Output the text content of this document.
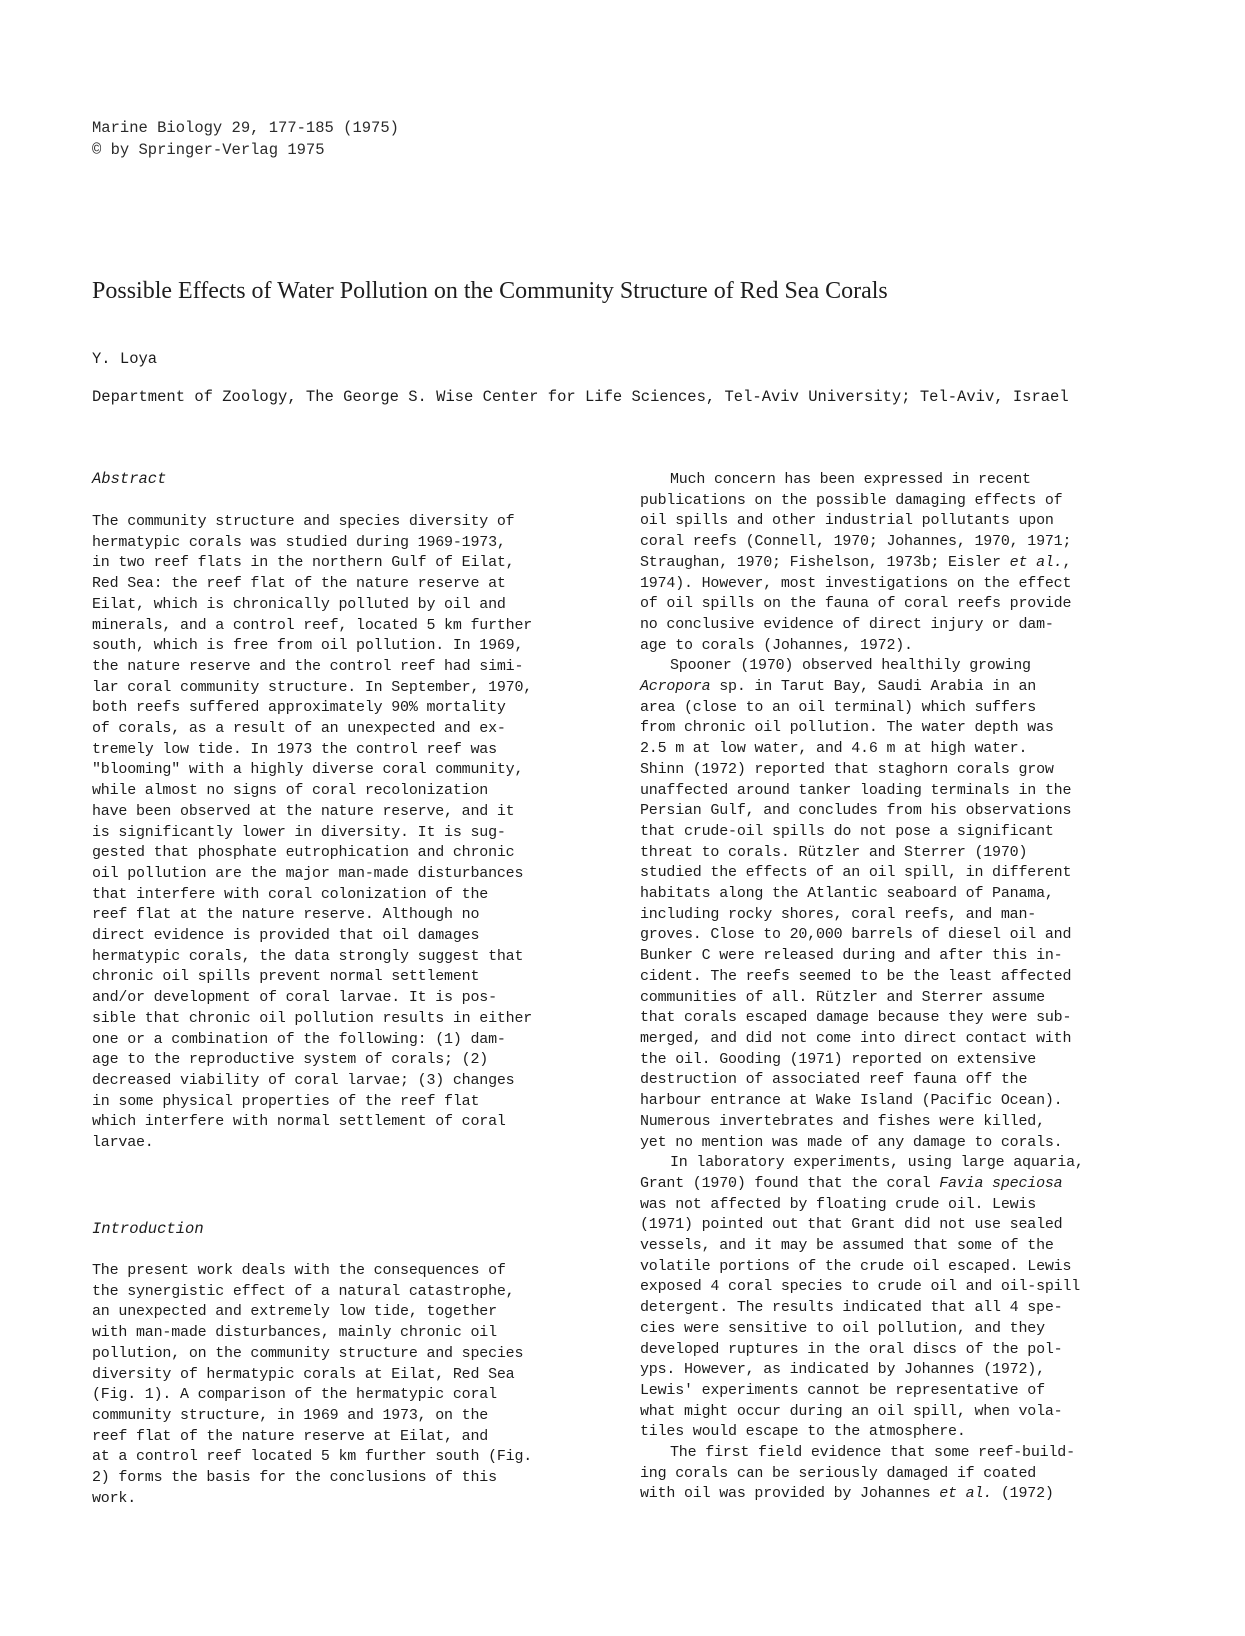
Marine Biology 29, 177-185 (1975)
© by Springer-Verlag 1975
Possible Effects of Water Pollution on the Community Structure of Red Sea Corals
Y. Loya
Department of Zoology, The George S. Wise Center for Life Sciences, Tel-Aviv University; Tel-Aviv, Israel
Abstract
The community structure and species diversity of
hermatypic corals was studied during 1969-1973,
in two reef flats in the northern Gulf of Eilat,
Red Sea: the reef flat of the nature reserve at
Eilat, which is chronically polluted by oil and
minerals, and a control reef, located 5 km further
south, which is free from oil pollution. In 1969,
the nature reserve and the control reef had simi-
lar coral community structure. In September, 1970,
both reefs suffered approximately 90% mortality
of corals, as a result of an unexpected and ex-
tremely low tide. In 1973 the control reef was
"blooming" with a highly diverse coral community,
while almost no signs of coral recolonization
have been observed at the nature reserve, and it
is significantly lower in diversity. It is sug-
gested that phosphate eutrophication and chronic
oil pollution are the major man-made disturbances
that interfere with coral colonization of the
reef flat at the nature reserve. Although no
direct evidence is provided that oil damages
hermatypic corals, the data strongly suggest that
chronic oil spills prevent normal settlement
and/or development of coral larvae. It is pos-
sible that chronic oil pollution results in either
one or a combination of the following: (1) dam-
age to the reproductive system of corals; (2)
decreased viability of coral larvae; (3) changes
in some physical properties of the reef flat
which interfere with normal settlement of coral
larvae.
Introduction
The present work deals with the consequences of
the synergistic effect of a natural catastrophe,
an unexpected and extremely low tide, together
with man-made disturbances, mainly chronic oil
pollution, on the community structure and species
diversity of hermatypic corals at Eilat, Red Sea
(Fig. 1). A comparison of the hermatypic coral
community structure, in 1969 and 1973, on the
reef flat of the nature reserve at Eilat, and
at a control reef located 5 km further south (Fig.
2) forms the basis for the conclusions of this
work.
Much concern has been expressed in recent
publications on the possible damaging effects of
oil spills and other industrial pollutants upon
coral reefs (Connell, 1970; Johannes, 1970, 1971;
Straughan, 1970; Fishelson, 1973b; Eisler et al.,
1974). However, most investigations on the effect
of oil spills on the fauna of coral reefs provide
no conclusive evidence of direct injury or dam-
age to corals (Johannes, 1972).
Spooner (1970) observed healthily growing
Acropora sp. in Tarut Bay, Saudi Arabia in an
area (close to an oil terminal) which suffers
from chronic oil pollution. The water depth was
2.5 m at low water, and 4.6 m at high water.
Shinn (1972) reported that staghorn corals grow
unaffected around tanker loading terminals in the
Persian Gulf, and concludes from his observations
that crude-oil spills do not pose a significant
threat to corals. Rützler and Sterrer (1970)
studied the effects of an oil spill, in different
habitats along the Atlantic seaboard of Panama,
including rocky shores, coral reefs, and man-
groves. Close to 20,000 barrels of diesel oil and
Bunker C were released during and after this in-
cident. The reefs seemed to be the least affected
communities of all. Rützler and Sterrer assume
that corals escaped damage because they were sub-
merged, and did not come into direct contact with
the oil. Gooding (1971) reported on extensive
destruction of associated reef fauna off the
harbour entrance at Wake Island (Pacific Ocean).
Numerous invertebrates and fishes were killed,
yet no mention was made of any damage to corals.
In laboratory experiments, using large aquaria,
Grant (1970) found that the coral Favia speciosa
was not affected by floating crude oil. Lewis
(1971) pointed out that Grant did not use sealed
vessels, and it may be assumed that some of the
volatile portions of the crude oil escaped. Lewis
exposed 4 coral species to crude oil and oil-spill
detergent. The results indicated that all 4 spe-
cies were sensitive to oil pollution, and they
developed ruptures in the oral discs of the pol-
yps. However, as indicated by Johannes (1972),
Lewis' experiments cannot be representative of
what might occur during an oil spill, when vola-
tiles would escape to the atmosphere.
The first field evidence that some reef-build-
ing corals can be seriously damaged if coated
with oil was provided by Johannes et al. (1972)
